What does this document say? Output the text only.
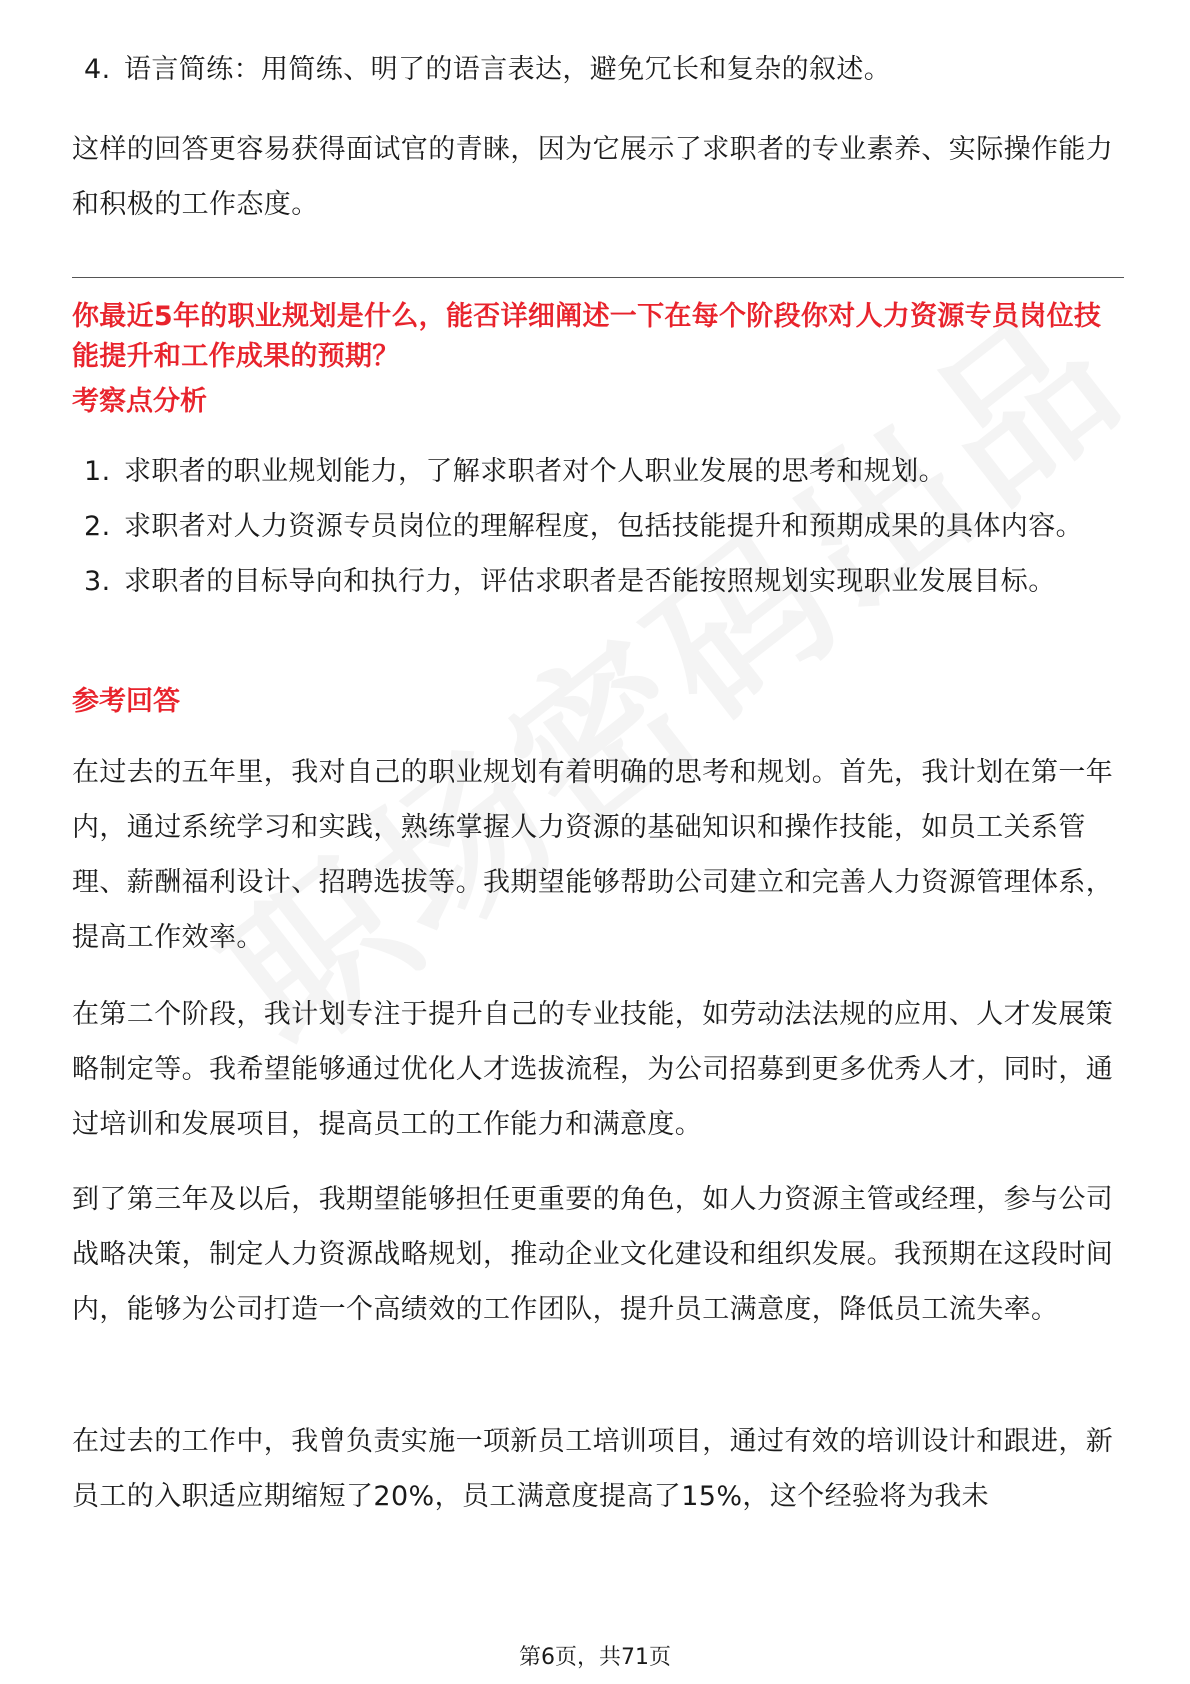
4. 语言简练：用简练、明了的语言表达，避免冗长和复杂的叙述。

这样的回答更容易获得面试官的青睐，因为它展示了求职者的专业素养、实际操作能力和积极的工作态度。

你最近5年的职业规划是什么，能否详细阐述一下在每个阶段你对人力资源专员岗位技能提升和工作成果的预期？

考察点分析

1. 求职者的职业规划能力，了解求职者对个人职业发展的思考和规划。
2. 求职者对人力资源专员岗位的理解程度，包括技能提升和预期成果的具体内容。
3. 求职者的目标导向和执行力，评估求职者是否能按照规划实现职业发展目标。

参考回答

在过去的五年里，我对自己的职业规划有着明确的思考和规划。首先，我计划在第一年内，通过系统学习和实践，熟练掌握人力资源的基础知识和操作技能，如员工关系管理、薪酬福利设计、招聘选拔等。我期望能够帮助公司建立和完善人力资源管理体系，提高工作效率。

在第二个阶段，我计划专注于提升自己的专业技能，如劳动法法规的应用、人才发展策略制定等。我希望能够通过优化人才选拔流程，为公司招募到更多优秀人才，同时，通过培训和发展项目，提高员工的工作能力和满意度。

到了第三年及以后，我期望能够担任更重要的角色，如人力资源主管或经理，参与公司战略决策，制定人力资源战略规划，推动企业文化建设和组织发展。我预期在这段时间内，能够为公司打造一个高绩效的工作团队，提升员工满意度，降低员工流失率。

在过去的工作中，我曾负责实施一项新员工培训项目，通过有效的培训设计和跟进，新员工的入职适应期缩短了20%，员工满意度提高了15%，这个经验将为我未

第6页，共71页
